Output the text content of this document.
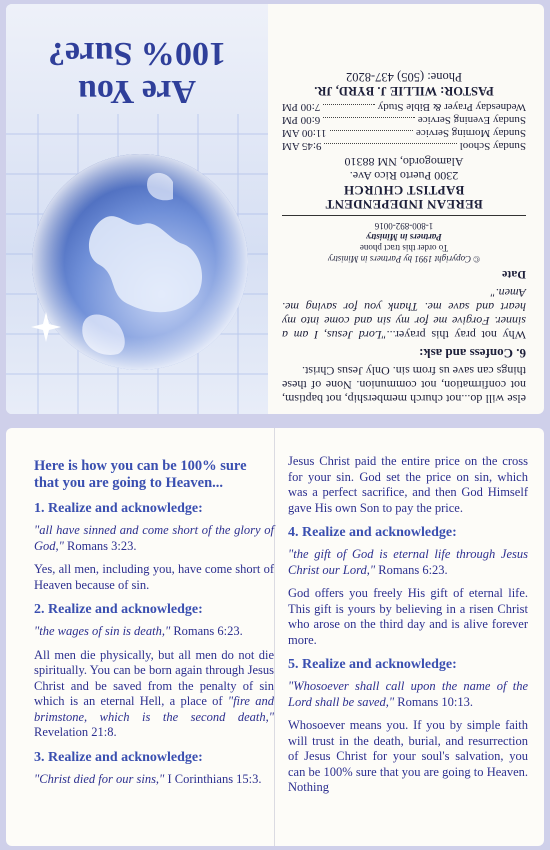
else will do...not church membership, not baptism, not confirmation, not communion. None of these things can save us from sin. Only Jesus Christ.

6. Confess and ask:

Why not pray this prayer..."Lord Jesus, I am a sinner. Forgive me for my sin and come into my heart and save me. Thank you for saving me. Amen."

Date
© Copyright 1991 by Partners in Ministry
To order this tract phone
Partners in Ministry
1-800-892-0016
BEREAN INDEPENDENT
BAPTIST CHURCH
2300 Puerto Rico Ave.
Alamogordo, NM 88310
Sunday School
9:45 AM
Sunday Morning Service
11:00 AM
Sunday Evening Service
6:00 PM
Wednesday Prayer & Bible Study
7:00 PM
PASTOR: WILLIE J. BYRD, JR.
Phone: (505) 437-8202
Are You
100% Sure?
Here is how you can be 100% sure that you are going to Heaven...
1. Realize and acknowledge:

"all have sinned and come short of the glory of God," Romans 3:23.

Yes, all men, including you, have come short of Heaven because of sin.

2. Realize and acknowledge:

"the wages of sin is death," Romans 6:23.

All men die physically, but all men do not die spiritually. You can be born again through Jesus Christ and be saved from the penalty of sin which is an eternal Hell, a place of "fire and brimstone, which is the second death," Revelation 21:8.

3. Realize and acknowledge:

"Christ died for our sins," I Corinthians 15:3.

Jesus Christ paid the entire price on the cross for your sin. God set the price on sin, which was a perfect sacrifice, and then God Himself gave His own Son to pay the price.

4. Realize and acknowledge:

"the gift of God is eternal life through Jesus Christ our Lord," Romans 6:23.

God offers you freely His gift of eternal life. This gift is yours by believing in a risen Christ who arose on the third day and is alive forever more.

5. Realize and acknowledge:

"Whosoever shall call upon the name of the Lord shall be saved," Romans 10:13.

Whosoever means you. If you by simple faith will trust in the death, burial, and resurrection of Jesus Christ for your soul's salvation, you can be 100% sure that you are going to Heaven. Nothing
